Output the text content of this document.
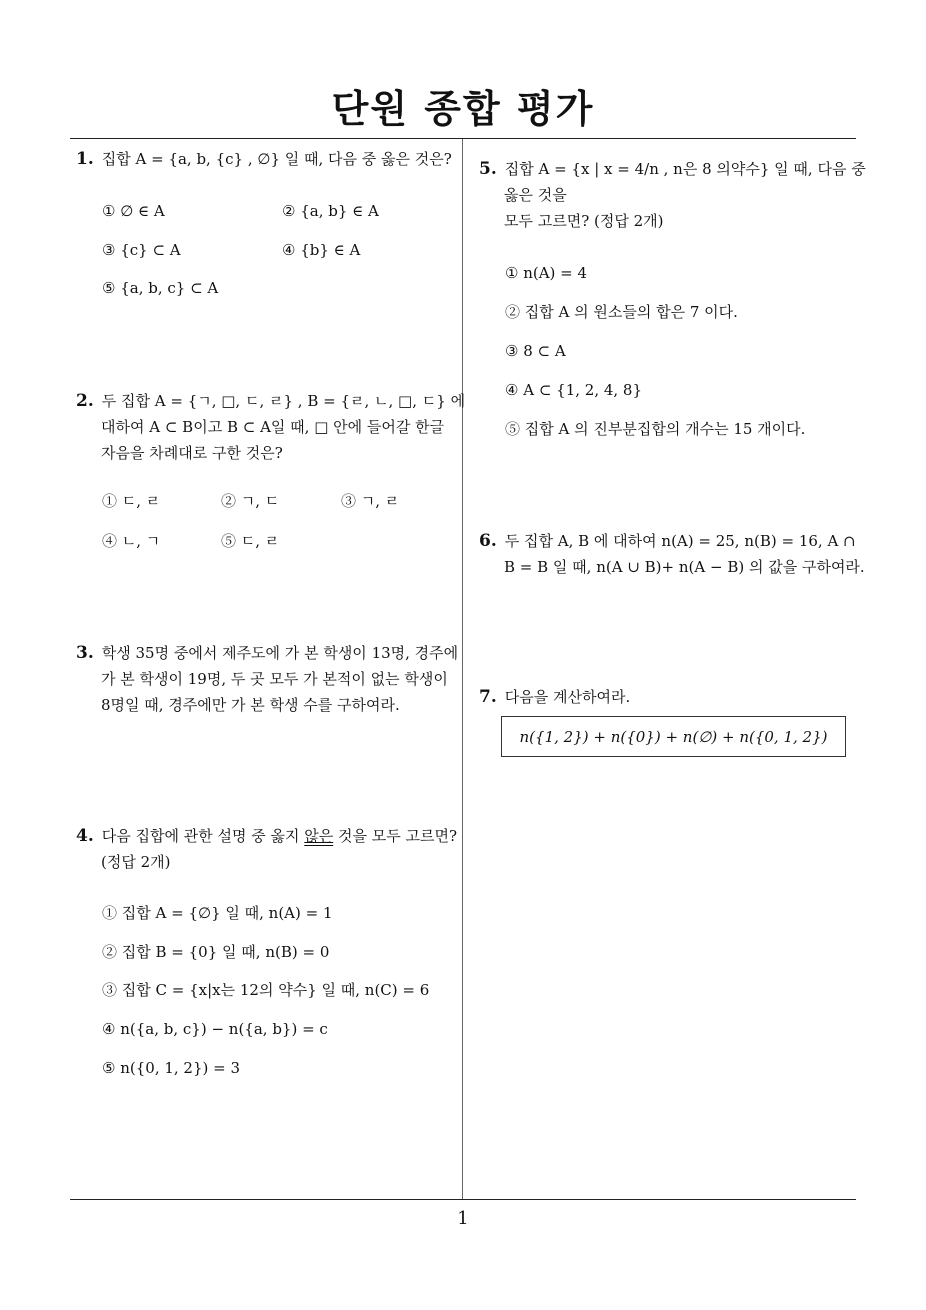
단원 종합 평가
1
1. 집합 A = {a, b, {c} , ∅} 일 때, 다음 중 옳은 것은?
① ∅ ∈ A	② {a, b} ∈ A
③ {c} ⊂ A	④ {b} ∈ A
⑤ {a, b, c} ⊂ A
2. 두 집합 A = {ㄱ, □, ㄷ, ㄹ} , B = {ㄹ, ㄴ, □, ㄷ} 에
대하여 A ⊂ B이고 B ⊂ A일 때, □ 안에 들어갈 한글
자음을 차례대로 구한 것은?
① ㄷ, ㄹ	② ㄱ, ㄷ	③ ㄱ, ㄹ
④ ㄴ, ㄱ	⑤ ㄷ, ㄹ
3. 학생 35명 중에서 제주도에 가 본 학생이 13명, 경주에
가 본 학생이 19명, 두 곳 모두 가 본적이 없는 학생이
8명일 때, 경주에만 가 본 학생 수를 구하여라.
4. 다음 집합에 관한 설명 중 옳지 않은 것을 모두 고르면?
(정답 2개)
① 집합 A = {∅} 일 때, n(A) = 1
② 집합 B = {0} 일 때, n(B) = 0
③ 집합 C = {x|x는 12의 약수} 일 때, n(C) = 6
④ n({a, b, c}) − n({a, b}) = c
⑤ n({0, 1, 2}) = 3
5. 집합 A = {x | x = 4/n , n은 8 의약수} 일 때, 다음 중
옳은 것을
모두 고르면? (정답 2개)
① n(A) = 4
② 집합 A 의 원소들의 합은 7 이다.
③ 8 ⊂ A
④ A ⊂ {1, 2, 4, 8}
⑤ 집합 A 의 진부분집합의 개수는 15 개이다.
6. 두 집합 A, B 에 대하여 n(A) = 25, n(B) = 16, A ∩
B = B 일 때, n(A ∪ B)+ n(A − B) 의 값을 구하여라.
7. 다음을 계산하여라.
n({1, 2}) + n({0}) + n(∅) + n({0, 1, 2})
